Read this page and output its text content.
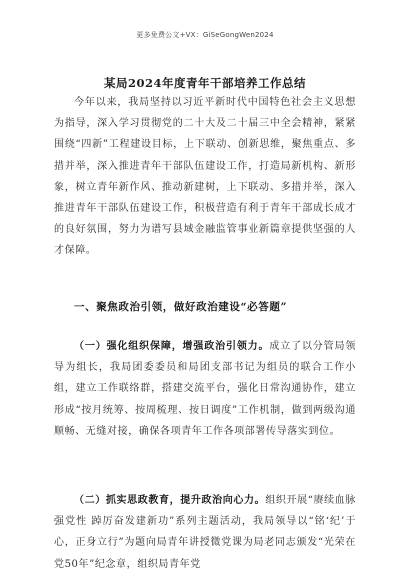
更多免费公文+VX：GiSeGongWen2024
某局2024年度青年干部培养工作总结
今年以来，我局坚持以习近平新时代中国特色社会主义思想为指导，深入学习贯彻党的二十大及二十届三中全会精神，紧紧围绕“四新”工程建设目标，上下联动、创新思维，聚焦重点、多措并举，深入推进青年干部队伍建设工作，打造局新机构、新形象，树立青年新作风、推动新建树，上下联动、多措并举，深入推进青年干部队伍建设工作，积极营造有利于青年干部成长成才的良好氛围，努力为谱写县域金融监管事业新篇章提供坚强的人才保障。
一、聚焦政治引领，做好政治建设“必答题”
（一）强化组织保障，增强政治引领力。成立了以分管局领导为组长，我局团委委员和局团支部书记为组员的联合工作小组，建立工作联络群，搭建交流平台，强化日常沟通协作，建立形成“按月统筹、按周梳理、按日调度”工作机制，做到两级沟通顺畅、无缝对接，确保各项青年工作各项部署传导落实到位。
（二）抓实思政教育，提升政治向心力。组织开展“赓续血脉强党性 踔厉奋发建新功”系列主题活动，我局领导以“铭‘纪’于心，正身立行”为题向局青年讲授微党课为局老同志颁发“光荣在党50年”纪念章，组织局青年党
